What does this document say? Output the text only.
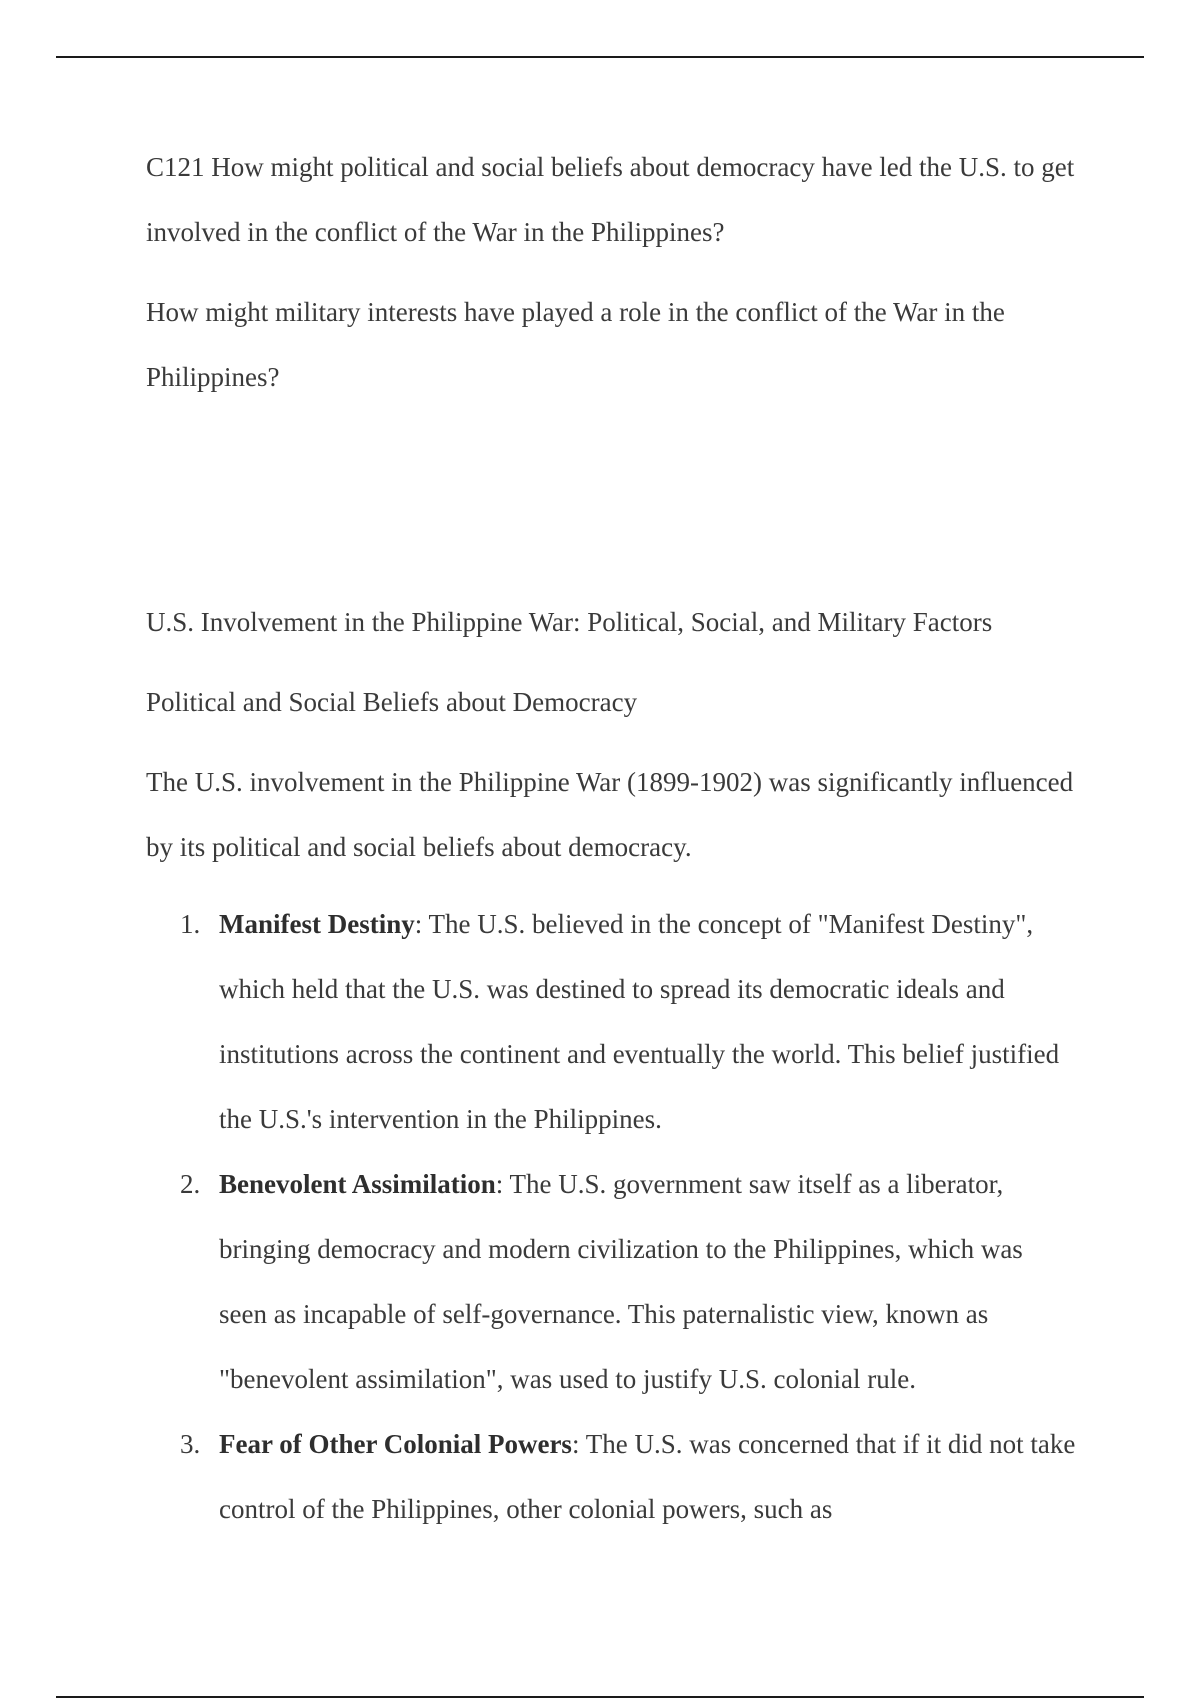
C121 How might political and social beliefs about democracy have led the U.S. to get involved in the conflict of the War in the Philippines?

How might military interests have played a role in the conflict of the War in the Philippines?

U.S. Involvement in the Philippine War: Political, Social, and Military Factors

Political and Social Beliefs about Democracy

The U.S. involvement in the Philippine War (1899-1902) was significantly influenced by its political and social beliefs about democracy.

1. Manifest Destiny: The U.S. believed in the concept of "Manifest Destiny", which held that the U.S. was destined to spread its democratic ideals and institutions across the continent and eventually the world. This belief justified the U.S.'s intervention in the Philippines.
2. Benevolent Assimilation: The U.S. government saw itself as a liberator, bringing democracy and modern civilization to the Philippines, which was seen as incapable of self-governance. This paternalistic view, known as "benevolent assimilation", was used to justify U.S. colonial rule.
3. Fear of Other Colonial Powers: The U.S. was concerned that if it did not take control of the Philippines, other colonial powers, such as
